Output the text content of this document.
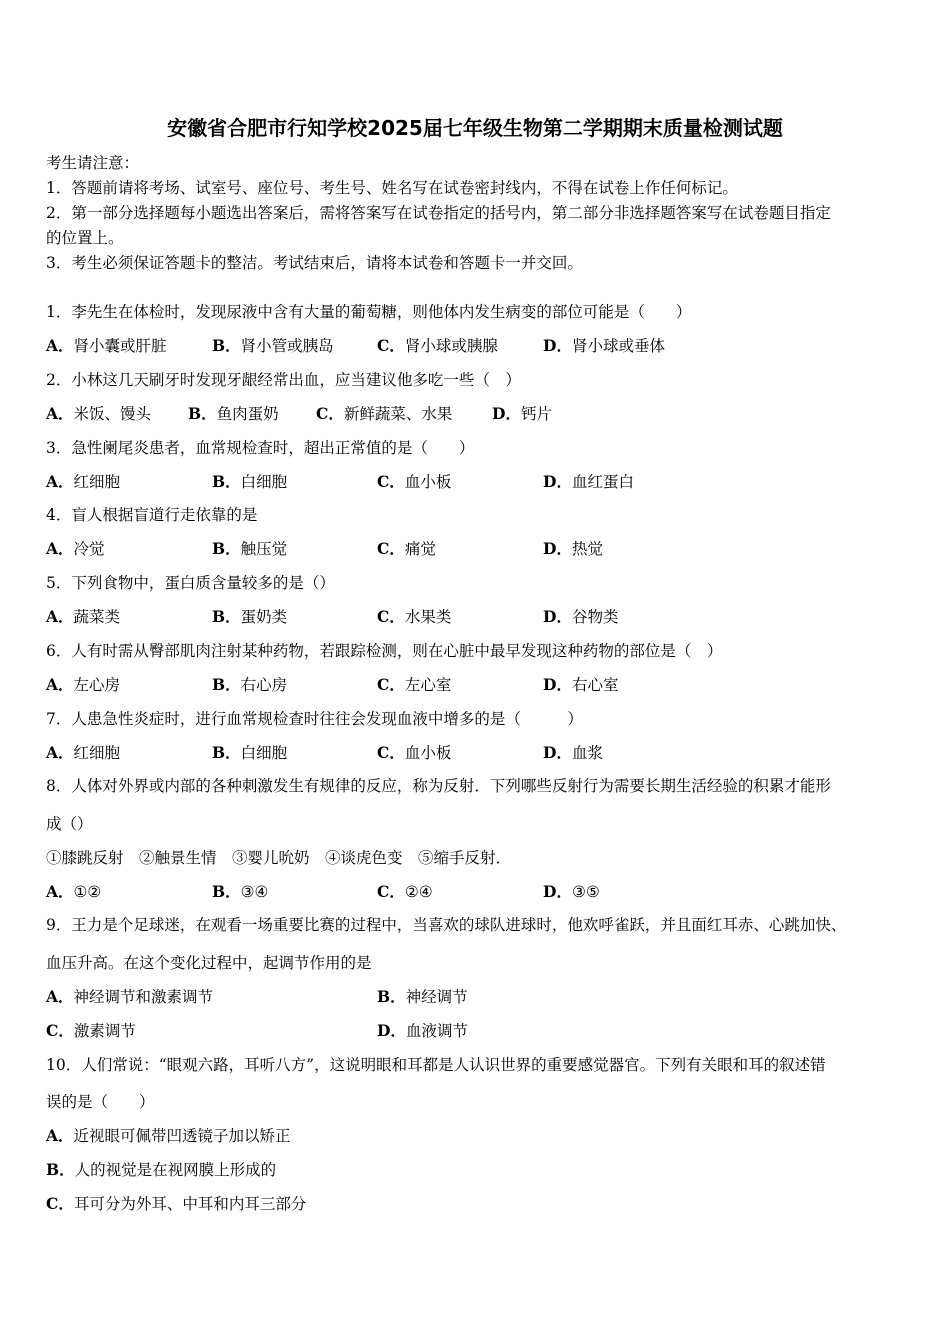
安徽省合肥市行知学校2025届七年级生物第二学期期末质量检测试题
考生请注意：
1．答题前请将考场、试室号、座位号、考生号、姓名写在试卷密封线内，不得在试卷上作任何标记。
2．第一部分选择题每小题选出答案后，需将答案写在试卷指定的括号内，第二部分非选择题答案写在试卷题目指定
的位置上。
3．考生必须保证答题卡的整洁。考试结束后，请将本试卷和答题卡一并交回。
1．李先生在体检时，发现尿液中含有大量的葡萄糖，则他体内发生病变的部位可能是（　　）
A．肾小囊或肝脏	B．肾小管或胰岛	C．肾小球或胰腺	D．肾小球或垂体
2．小林这几天刷牙时发现牙龈经常出血，应当建议他多吃一些（　）
A．米饭、馒头 B．鱼肉蛋奶 C．新鲜蔬菜、水果	D．钙片
3．急性阑尾炎患者，血常规检查时，超出正常值的是（　　）
A．红细胞	B．白细胞	C．血小板	D．血红蛋白
4．盲人根据盲道行走依靠的是
A．冷觉	B．触压觉	C．痛觉	D．热觉
5．下列食物中，蛋白质含量较多的是（）
A．蔬菜类	B．蛋奶类	C．水果类	D．谷物类
6．人有时需从臀部肌肉注射某种药物，若跟踪检测，则在心脏中最早发现这种药物的部位是（　）
A．左心房	B．右心房	C．左心室	D．右心室
7．人患急性炎症时，进行血常规检查时往往会发现血液中增多的是（　　　）
A．红细胞	B．白细胞	C．血小板	D．血浆
8．人体对外界或内部的各种刺激发生有规律的反应，称为反射．下列哪些反射行为需要长期生活经验的积累才能形
成（）
①膝跳反射　②触景生情　③婴儿吮奶　④谈虎色变　⑤缩手反射．
A．①②	B．③④	C．②④	D．③⑤
9．王力是个足球迷，在观看一场重要比赛的过程中，当喜欢的球队进球时，他欢呼雀跃，并且面红耳赤、心跳加快、
血压升高。在这个变化过程中，起调节作用的是
A．神经调节和激素调节	B．神经调节
C．激素调节	D．血液调节
10．人们常说：“眼观六路，耳听八方”，这说明眼和耳都是人认识世界的重要感觉器官。下列有关眼和耳的叙述错
误的是（　　）
A．近视眼可佩带凹透镜子加以矫正
B．人的视觉是在视网膜上形成的
C．耳可分为外耳、中耳和内耳三部分
